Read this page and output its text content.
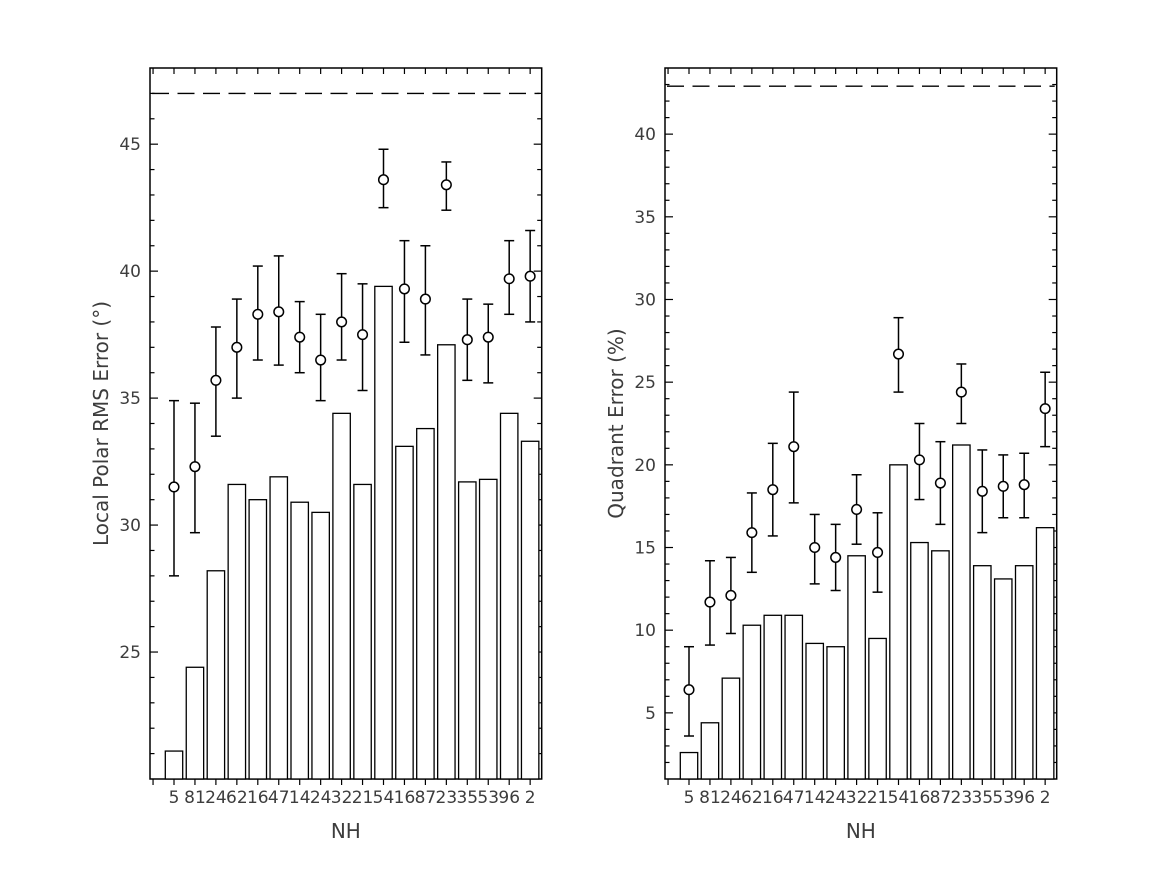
25
30
35
40
45
5 81 24 62 16 47 14 24 32 21 54 16 87 23 35 53 96 2
NH
Local Polar RMS Error (°)
5
10
15
20
25
30
35
40
5 81 24 62 16 47 14 24 32 21 54 16 87 23 35 53 96 2
NH
Quadrant Error (%)
